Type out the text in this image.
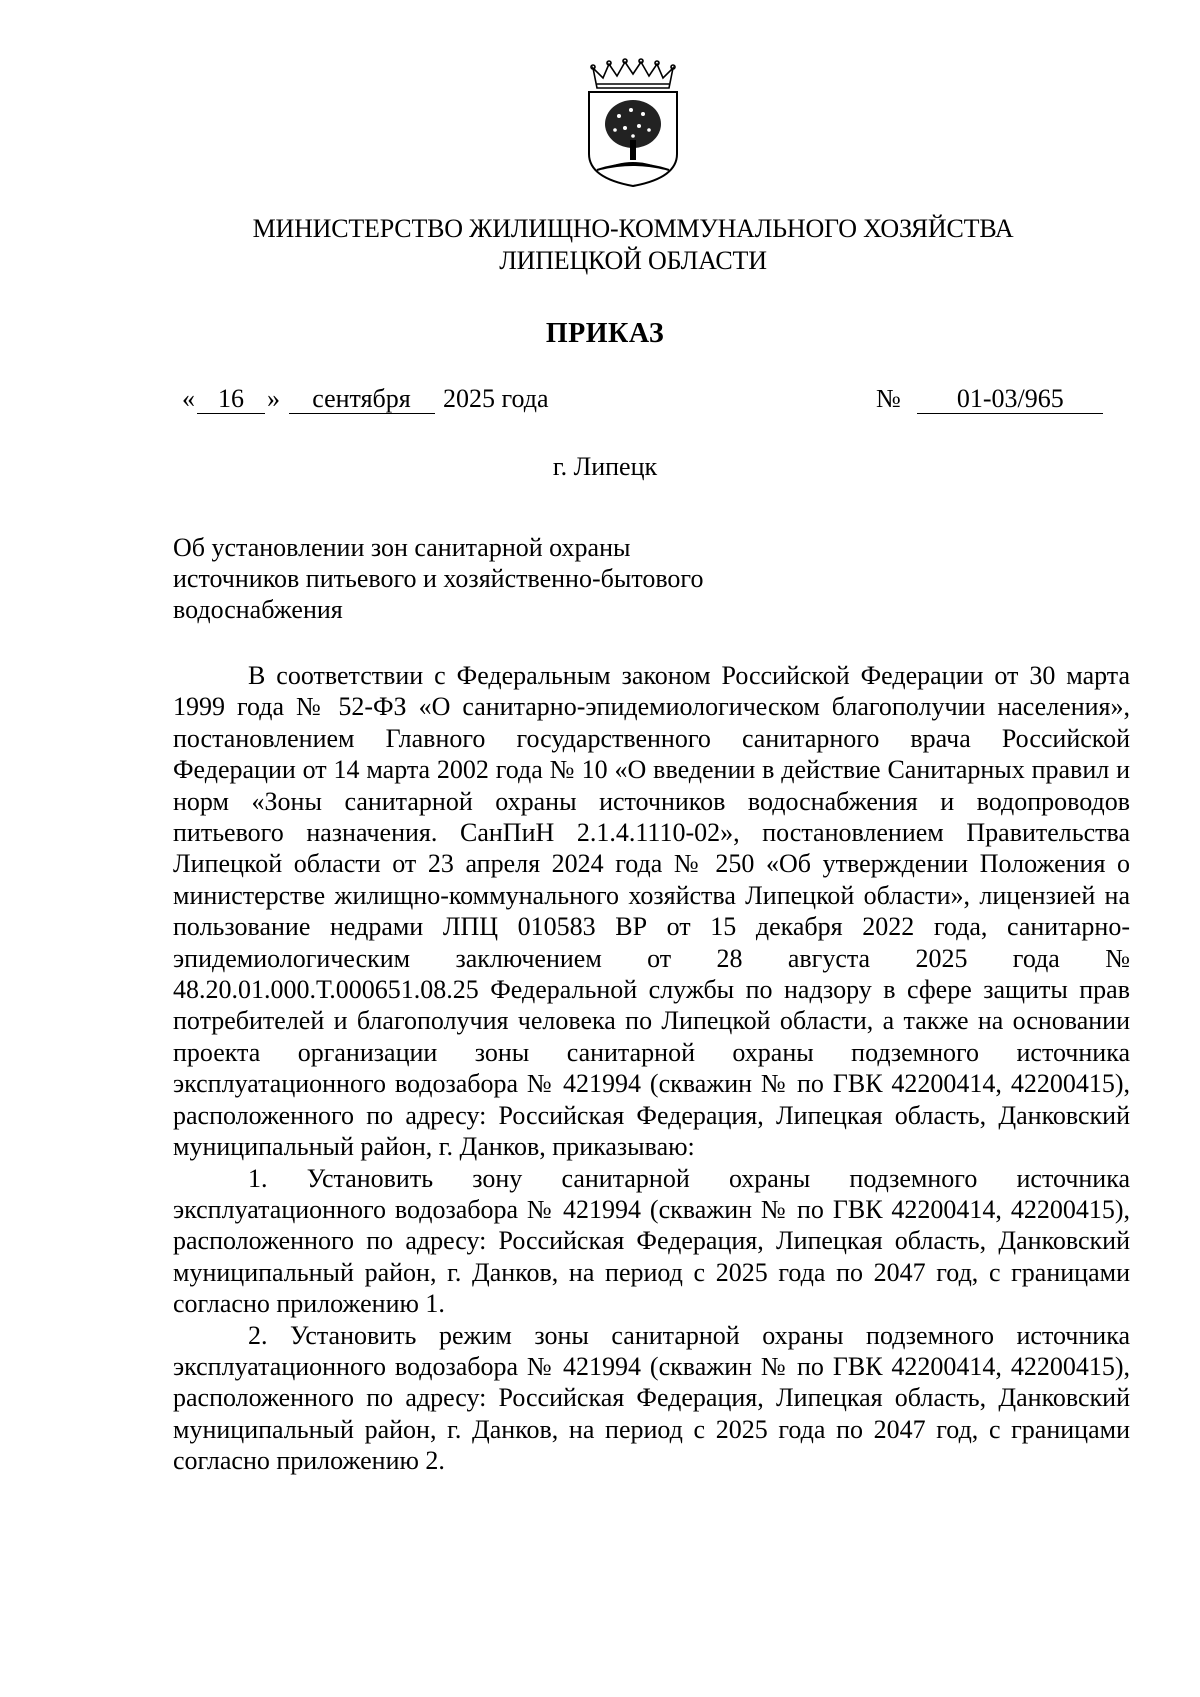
МИНИСТЕРСТВО ЖИЛИЩНО-КОММУНАЛЬНОГО ХОЗЯЙСТВА
ЛИПЕЦКОЙ ОБЛАСТИ
ПРИКАЗ
« 16 » сентября 2025 года	№ 01-03/965
г. Липецк
Об установлении зон санитарной охраны
источников питьевого и хозяйственно-бытового
водоснабжения

В соответствии с Федеральным законом Российской Федерации от 30 марта 1999 года № 52-ФЗ «О санитарно-эпидемиологическом благополучии населения», постановлением Главного государственного санитарного врача Российской Федерации от 14 марта 2002 года № 10 «О введении в действие Санитарных правил и норм «Зоны санитарной охраны источников водоснабжения и водопроводов питьевого назначения. СанПиН 2.1.4.1110-02», постановлением Правительства Липецкой области от 23 апреля 2024 года № 250 «Об утверждении Положения о министерстве жилищно-коммунального хозяйства Липецкой области», лицензией на пользование недрами ЛПЦ 010583 ВР от 15 декабря 2022 года, санитарно-эпидемиологическим заключением от 28 августа 2025 года № 48.20.01.000.Т.000651.08.25 Федеральной службы по надзору в сфере защиты прав потребителей и благополучия человека по Липецкой области, а также на основании проекта организации зоны санитарной охраны подземного источника эксплуатационного водозабора № 421994 (скважин № по ГВК 42200414, 42200415), расположенного по адресу: Российская Федерация, Липецкая область, Данковский муниципальный район, г. Данков, приказываю:

1. Установить зону санитарной охраны подземного источника эксплуатационного водозабора № 421994 (скважин № по ГВК 42200414, 42200415), расположенного по адресу: Российская Федерация, Липецкая область, Данковский муниципальный район, г. Данков, на период с 2025 года по 2047 год, с границами согласно приложению 1.

2. Установить режим зоны санитарной охраны подземного источника эксплуатационного водозабора № 421994 (скважин № по ГВК 42200414, 42200415), расположенного по адресу: Российская Федерация, Липецкая область, Данковский муниципальный район, г. Данков, на период с 2025 года по 2047 год, с границами согласно приложению 2.
